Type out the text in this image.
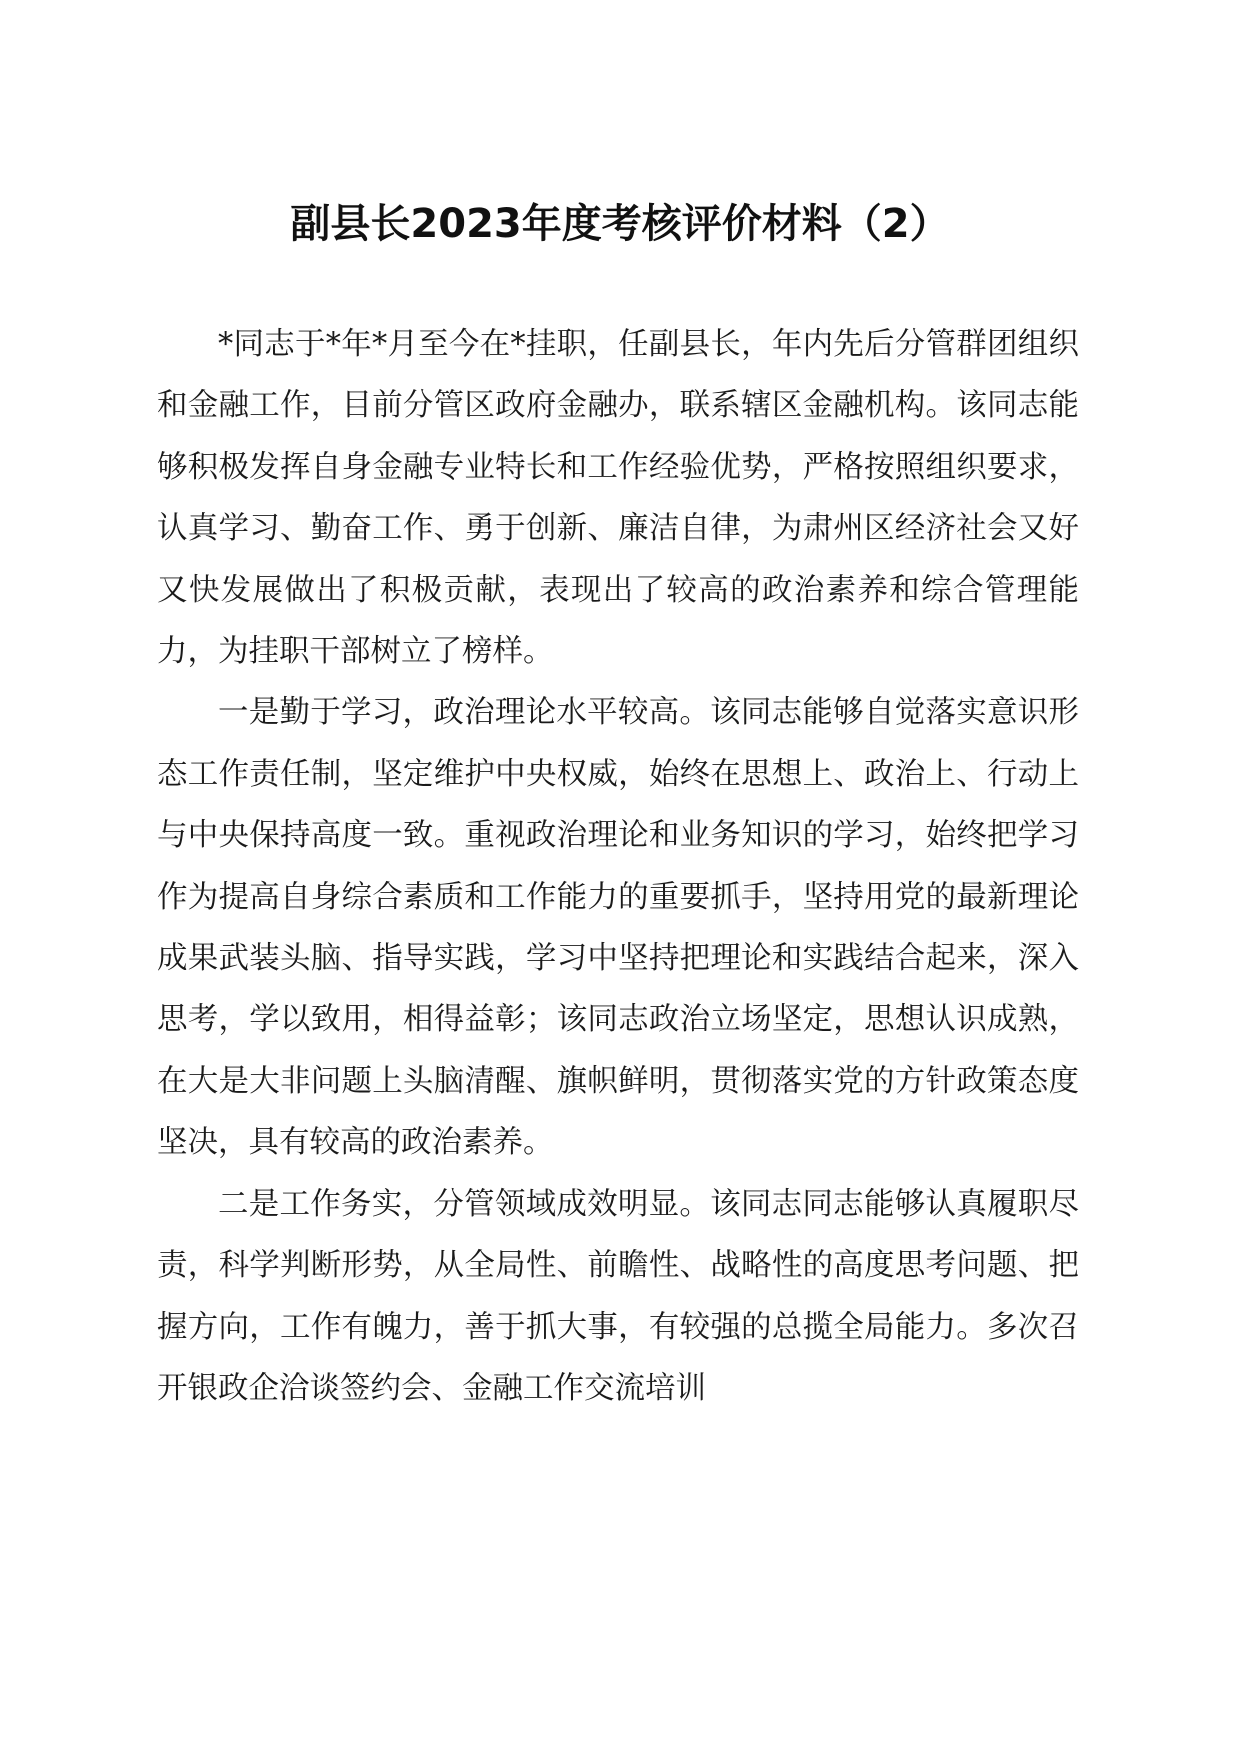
副县长2023年度考核评价材料（2）

*同志于*年*月至今在*挂职，任副县长，年内先后分管群团组织和金融工作，目前分管区政府金融办，联系辖区金融机构。该同志能够积极发挥自身金融专业特长和工作经验优势，严格按照组织要求，认真学习、勤奋工作、勇于创新、廉洁自律，为肃州区经济社会又好又快发展做出了积极贡献，表现出了较高的政治素养和综合管理能力，为挂职干部树立了榜样。

一是勤于学习，政治理论水平较高。该同志能够自觉落实意识形态工作责任制，坚定维护中央权威，始终在思想上、政治上、行动上与中央保持高度一致。重视政治理论和业务知识的学习，始终把学习作为提高自身综合素质和工作能力的重要抓手，坚持用党的最新理论成果武装头脑、指导实践，学习中坚持把理论和实践结合起来，深入思考，学以致用，相得益彰；该同志政治立场坚定，思想认识成熟，在大是大非问题上头脑清醒、旗帜鲜明，贯彻落实党的方针政策态度坚决，具有较高的政治素养。

二是工作务实，分管领域成效明显。该同志同志能够认真履职尽责，科学判断形势，从全局性、前瞻性、战略性的高度思考问题、把握方向，工作有魄力，善于抓大事，有较强的总揽全局能力。多次召开银政企洽谈签约会、金融工作交流培训
